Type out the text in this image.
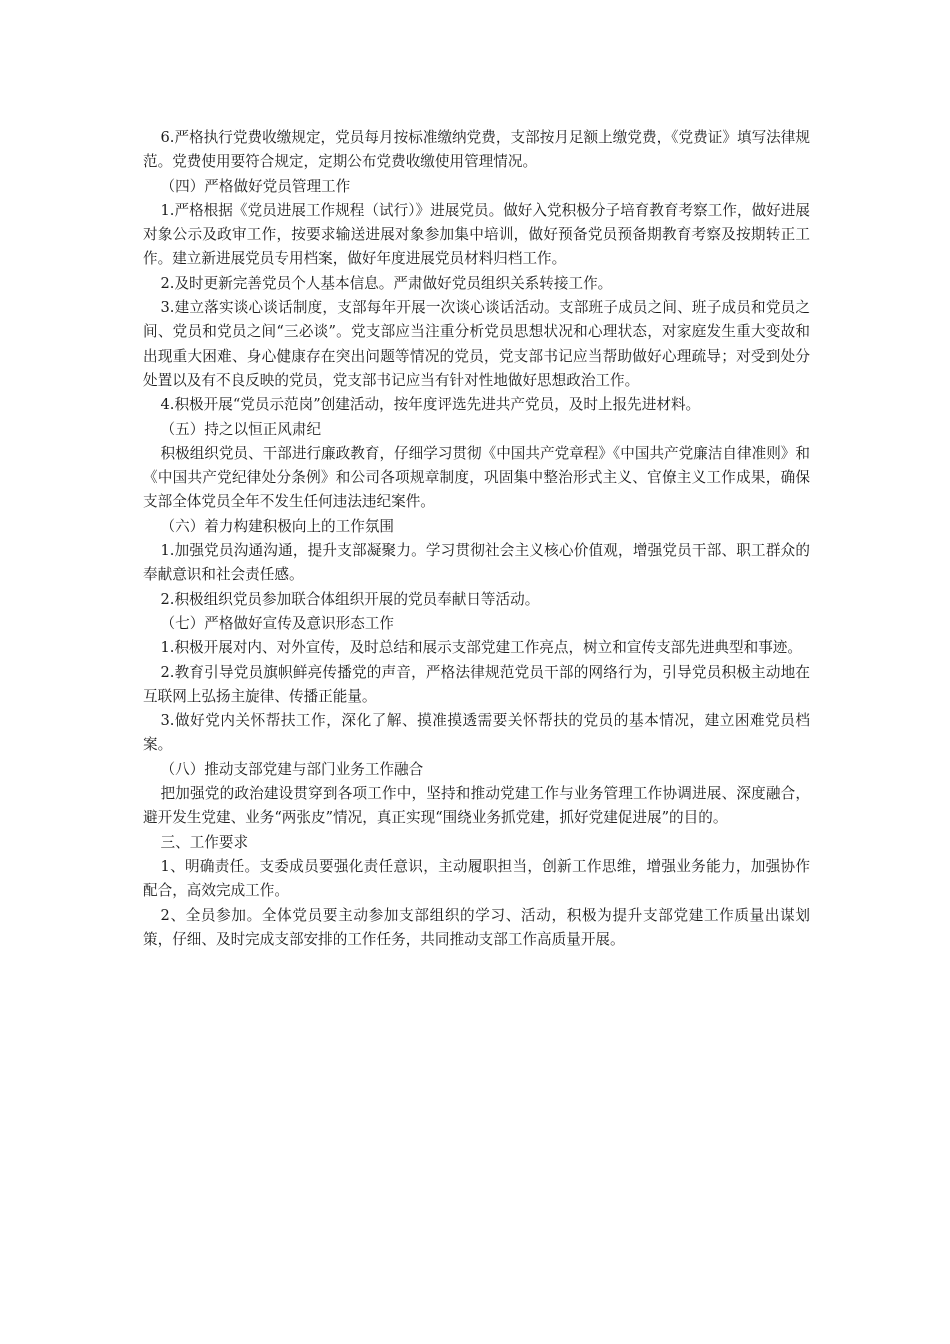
6.严格执行党费收缴规定，党员每月按标准缴纳党费，支部按月足额上缴党费，《党费证》填写法律规范。党费使用要符合规定，定期公布党费收缴使用管理情况。

（四）严格做好党员管理工作

1.严格根据《党员进展工作规程（试行）》进展党员。做好入党积极分子培育教育考察工作，做好进展对象公示及政审工作，按要求输送进展对象参加集中培训，做好预备党员预备期教育考察及按期转正工作。建立新进展党员专用档案，做好年度进展党员材料归档工作。

2.及时更新完善党员个人基本信息。严肃做好党员组织关系转接工作。

3.建立落实谈心谈话制度，支部每年开展一次谈心谈话活动。支部班子成员之间、班子成员和党员之间、党员和党员之间“三必谈”。党支部应当注重分析党员思想状况和心理状态，对家庭发生重大变故和出现重大困难、身心健康存在突出问题等情况的党员，党支部书记应当帮助做好心理疏导；对受到处分处置以及有不良反映的党员，党支部书记应当有针对性地做好思想政治工作。

4.积极开展“党员示范岗”创建活动，按年度评选先进共产党员，及时上报先进材料。

（五）持之以恒正风肃纪

积极组织党员、干部进行廉政教育，仔细学习贯彻《中国共产党章程》《中国共产党廉洁自律准则》和《中国共产党纪律处分条例》和公司各项规章制度，巩固集中整治形式主义、官僚主义工作成果，确保支部全体党员全年不发生任何违法违纪案件。

（六）着力构建积极向上的工作氛围

1.加强党员沟通沟通，提升支部凝聚力。学习贯彻社会主义核心价值观，增强党员干部、职工群众的奉献意识和社会责任感。

2.积极组织党员参加联合体组织开展的党员奉献日等活动。

（七）严格做好宣传及意识形态工作

1.积极开展对内、对外宣传，及时总结和展示支部党建工作亮点，树立和宣传支部先进典型和事迹。

2.教育引导党员旗帜鲜亮传播党的声音，严格法律规范党员干部的网络行为，引导党员积极主动地在互联网上弘扬主旋律、传播正能量。

3.做好党内关怀帮扶工作，深化了解、摸准摸透需要关怀帮扶的党员的基本情况，建立困难党员档案。

（八）推动支部党建与部门业务工作融合

把加强党的政治建设贯穿到各项工作中，坚持和推动党建工作与业务管理工作协调进展、深度融合，避开发生党建、业务“两张皮”情况，真正实现“围绕业务抓党建，抓好党建促进展”的目的。

三、工作要求

1、明确责任。支委成员要强化责任意识，主动履职担当，创新工作思维，增强业务能力，加强协作配合，高效完成工作。

2、全员参加。全体党员要主动参加支部组织的学习、活动，积极为提升支部党建工作质量出谋划策，仔细、及时完成支部安排的工作任务，共同推动支部工作高质量开展。
